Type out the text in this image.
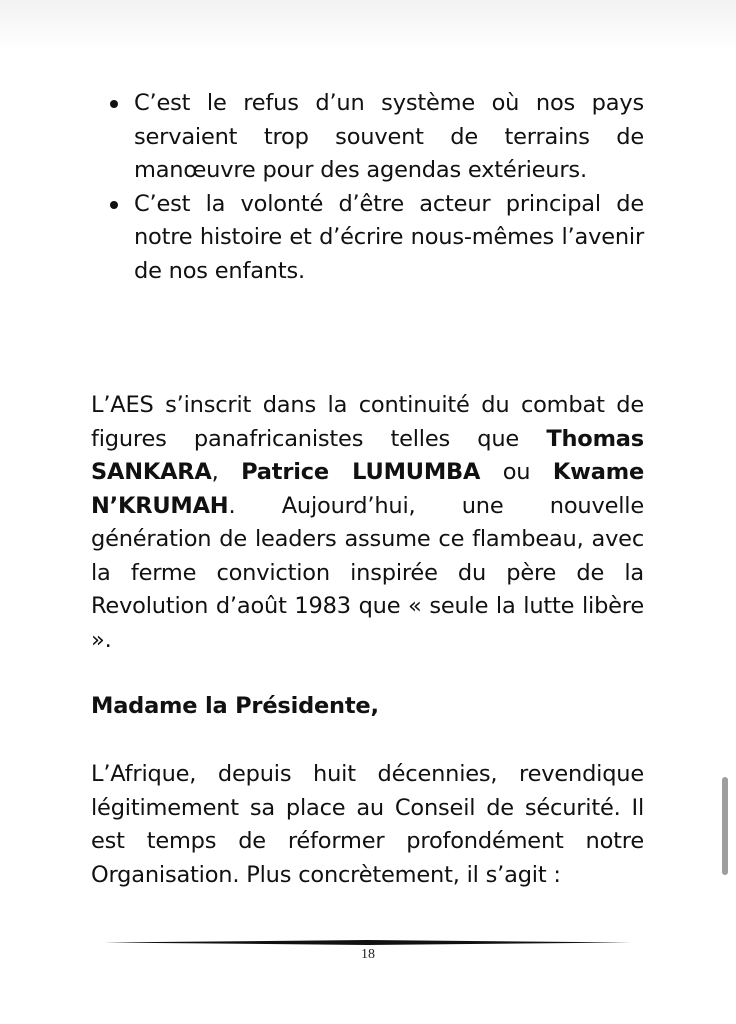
C’est le refus d’un système où nos pays servaient trop souvent de terrains de manœuvre pour des agendas extérieurs.
C’est la volonté d’être acteur principal de notre histoire et d’écrire nous-mêmes l’avenir de nos enfants.

L’AES s’inscrit dans la continuité du combat de figures panafricanistes telles que Thomas SANKARA, Patrice LUMUMBA ou Kwame N’KRUMAH. Aujourd’hui, une nouvelle génération de leaders assume ce flambeau, avec la ferme conviction inspirée du père de la Revolution d’août 1983 que « seule la lutte libère ».

Madame la Présidente,

L’Afrique, depuis huit décennies, revendique légitimement sa place au Conseil de sécurité. Il est temps de réformer profondément notre Organisation. Plus concrètement, il s’agit :

18
